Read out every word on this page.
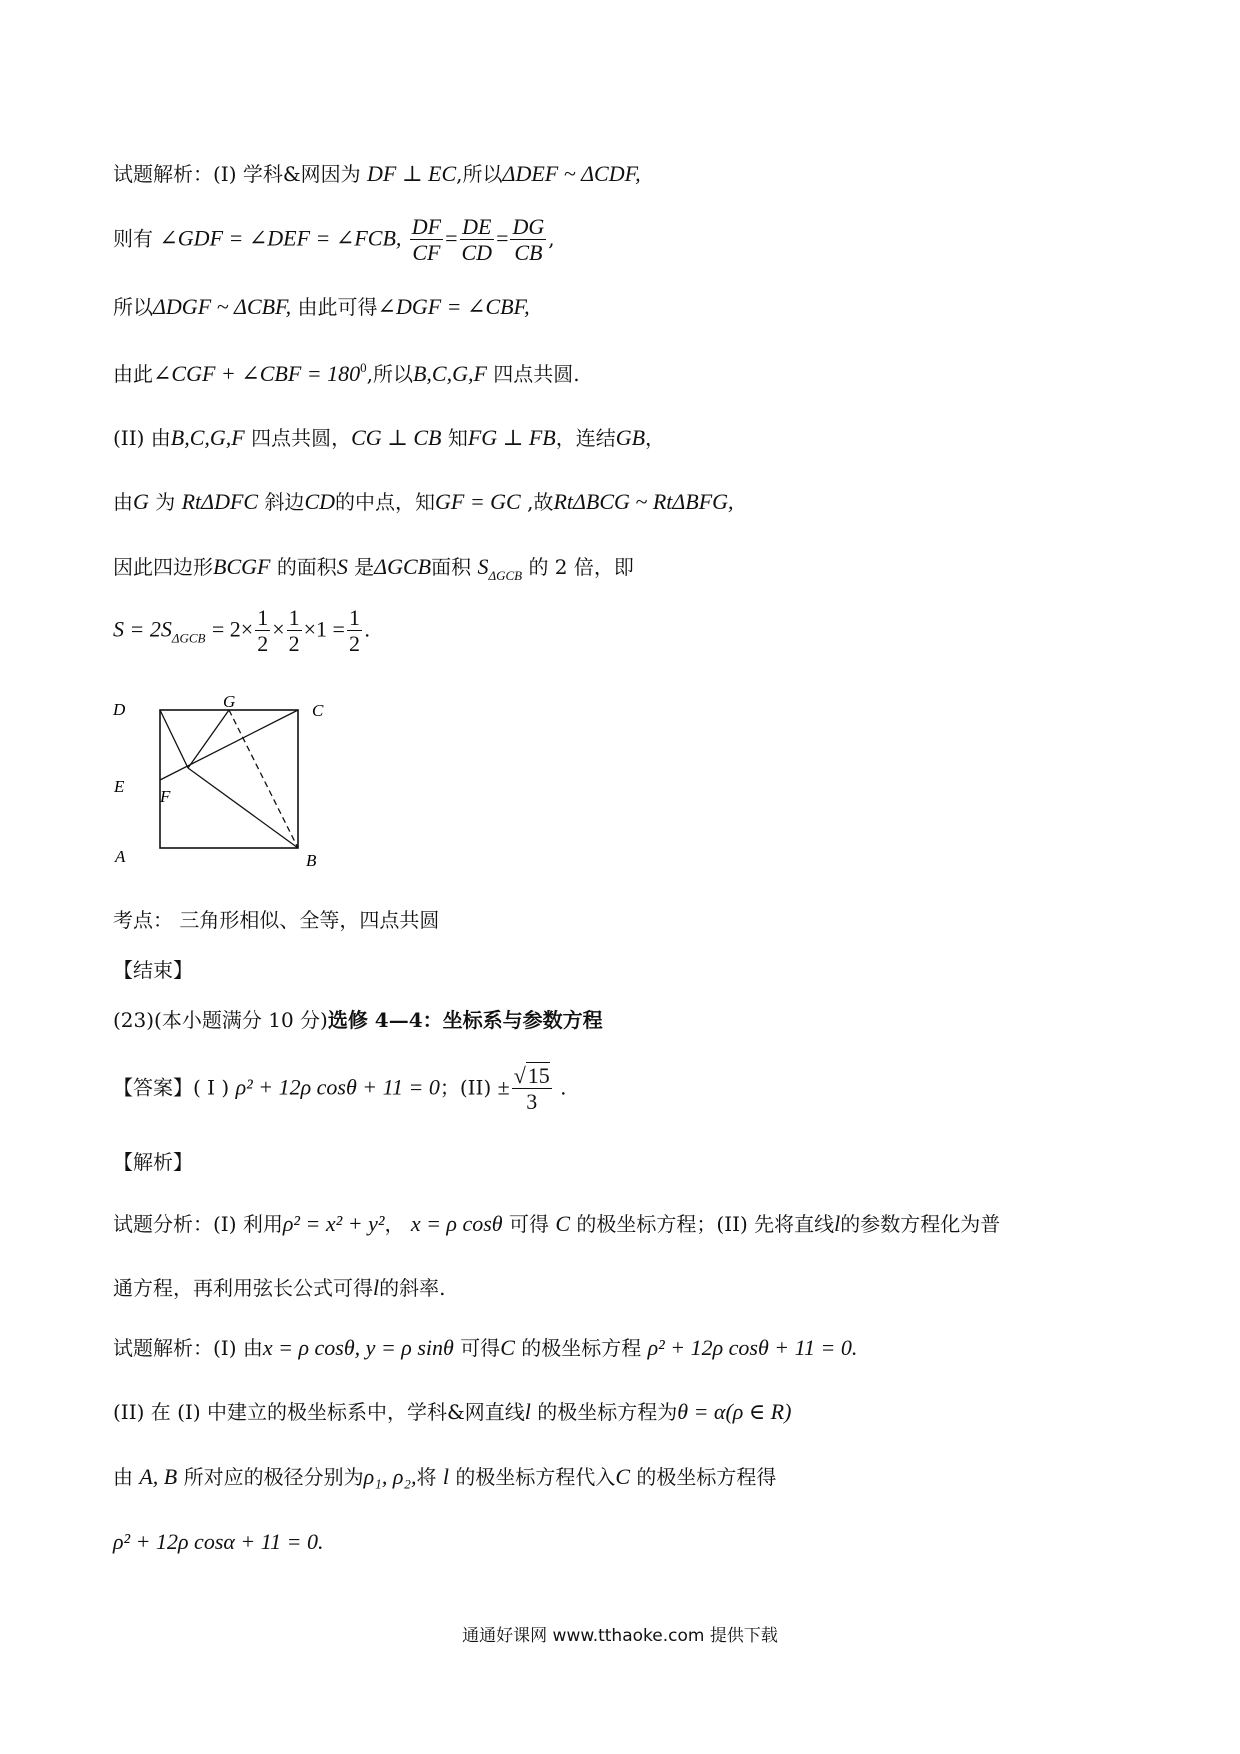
试题解析：(I) 学科&网因为 DF ⊥ EC,所以ΔDEF ~ ΔCDF,
则有 ∠GDF = ∠DEF = ∠FCB, $\frac{DF}{CF} = \frac{DE}{CD} = \frac{DG}{CB}$ ,
所以ΔDGF ~ ΔCBF, 由此可得∠DGF = ∠CBF,
由此∠CGF + ∠CBF = $180^0$,所以B,C,G,F 四点共圆.
(II) 由B,C,G,F 四点共圆，CG ⊥ CB 知FG ⊥ FB，连结GB，
由G 为 RtΔDFC 斜边CD的中点，知GF = GC ,故RtΔBCG ~ RtΔBFG,
因此四边形BCGF 的面积S 是ΔGCB面积 $S_{\Delta GCB}$ 的 2 倍，即
$S = 2S_{\Delta GCB} = 2\times \frac{1}{2} \times \frac{1}{2} \times 1 = \frac{1}{2}$ .
D	G	C
E
F
A	B
考点： 三角形相似、全等，四点共圆
【结束】
(23)(本小题满分 10 分)选修 4—4：坐标系与参数方程
【答案】( I ) ρ² + 12ρ cosθ + 11 = 0；$(II) \pm \frac{√15}{3}$ .
【解析】
试题分析：(I) 利用ρ² = x² + y²， x = ρ cosθ 可得 C 的极坐标方程；(II) 先将直线l的参数方程化为普
通方程，再利用弦长公式可得l的斜率.
试题解析：(I) 由x = ρ cosθ, y = ρ sinθ 可得C 的极坐标方程 ρ² + 12ρ cosθ + 11 = 0.
(II) 在 (I) 中建立的极坐标系中，学科&网直线l 的极坐标方程为θ = α(ρ ∈ R)
由 A, B 所对应的极径分别为ρ₁, ρ₂,将 l 的极坐标方程代入C 的极坐标方程得
ρ² + 12ρ cosα + 11 = 0.
通通好课网 www.tthaoke.com 提供下载
